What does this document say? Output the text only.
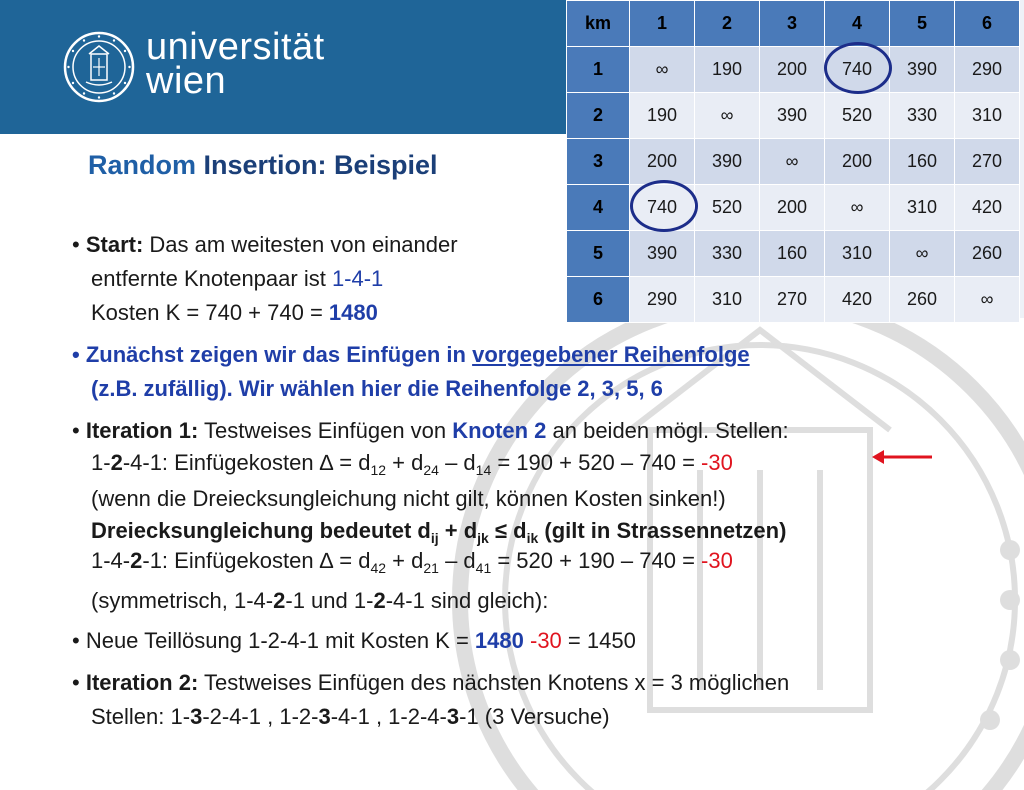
universität
wien
km	1	2	3	4	5	6
1	∞	190	200	740	390	290
2	190	∞	390	520	330	310
3	200	390	∞	200	160	270
4	740	520	200	∞	310	420
5	390	330	160	310	∞	260
6	290	310	270	420	260	∞
Random Insertion: Beispiel
• Start: Das am weitesten von einander
entfernte Knotenpaar ist 1-4-1
Kosten K = 740 + 740 = 1480
• Zunächst zeigen wir das Einfügen in vorgegebener Reihenfolge
(z.B. zufällig). Wir wählen hier die Reihenfolge 2, 3, 5, 6
• Iteration 1: Testweises Einfügen von Knoten 2 an beiden mögl. Stellen:
1-2-4-1: Einfügekosten ∆ = $d_{12} + d_{24} - d_{14} = 190 + 520 - 740 = -30$
(wenn die Dreiecksungleichung nicht gilt, können Kosten sinken!)
Dreiecksungleichung bedeutet $d_{ij} + d_{jk} \le d_{ik}$ (gilt in Strassennetzen)
1-4-2-1: Einfügekosten ∆ = $d_{42} + d_{21} - d_{41} = 520 + 190 - 740 = -30$
(symmetrisch, 1-4-2-1 und 1-2-4-1 sind gleich):
• Neue Teillösung 1-2-4-1 mit Kosten K = 1480 -30 = 1450
• Iteration 2: Testweises Einfügen des nächsten Knotens x = 3 möglichen
Stellen: 1-3-2-4-1 , 1-2-3-4-1 , 1-2-4-3-1 (3 Versuche)
